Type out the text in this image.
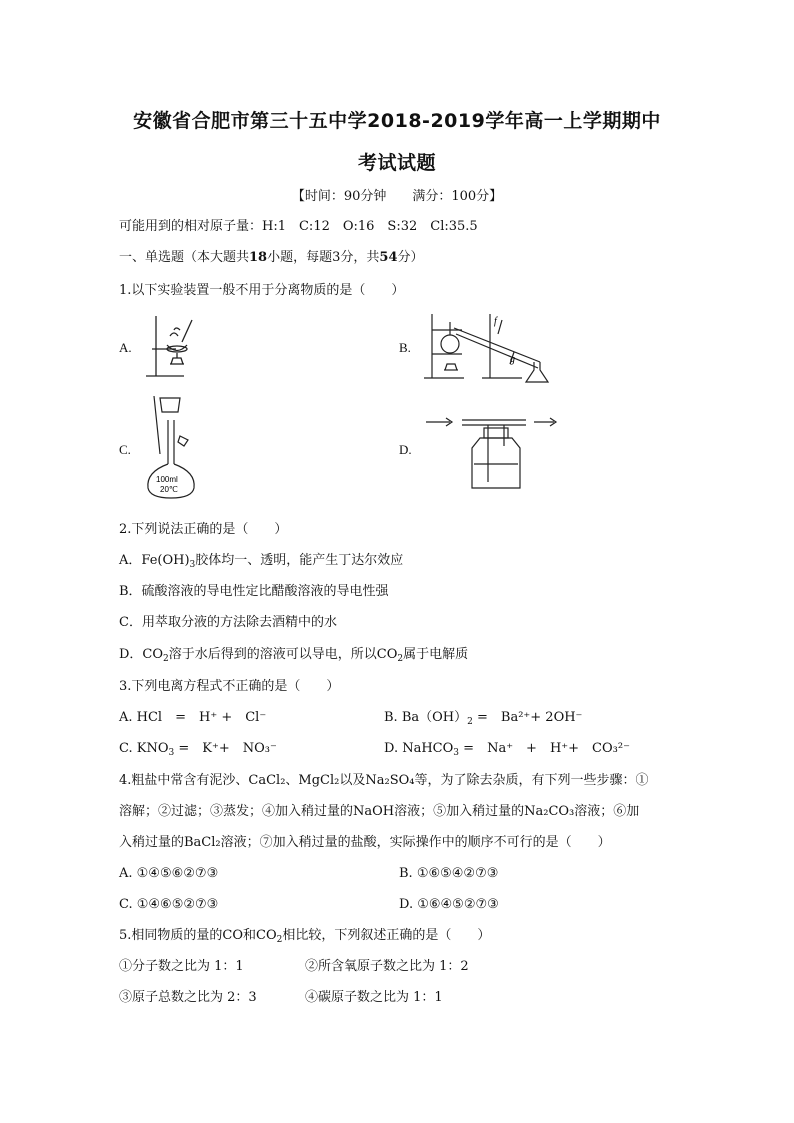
安徽省合肥市第三十五中学2018-2019学年高一上学期期中
考试试题
【时间：90分钟　　满分：100分】
可能用到的相对原子量：H:1　C:12　O:16　S:32　Cl:35.5
一、单选题（本大题共18小题，每题3分，共54分）
1.以下实验装置一般不用于分离物质的是（　　）
A.	B.
f
g
C.
100ml
20℃
D.
2.下列说法正确的是（　　）
A．$Fe(OH)_3$胶体均一、透明，能产生丁达尔效应
B．硫酸溶液的导电性定比醋酸溶液的导电性强
C．用萃取分液的方法除去酒精中的水
D．$CO_2$溶于水后得到的溶液可以导电，所以$CO_2$属于电解质
3.下列电离方程式不正确的是（　　）
A. HCl　=　H⁺ +　Cl⁻	B. $Ba(OH)_2$ =　Ba²⁺+ 2OH⁻
C. $KNO_3$ =　K⁺+　NO₃⁻	D. NaHCO$_3$ =　Na⁺　+　H⁺+　CO₃²⁻
4.粗盐中常含有泥沙、CaCl₂、MgCl₂以及Na₂SO₄等，为了除去杂质，有下列一些步骤：①
溶解；②过滤；③蒸发；④加入稍过量的NaOH溶液；⑤加入稍过量的Na₂CO₃溶液；⑥加
入稍过量的BaCl₂溶液；⑦加入稍过量的盐酸，实际操作中的顺序不可行的是（　　）
A. ①④⑤⑥②⑦③	B. ①⑥⑤④②⑦③
C. ①④⑥⑤②⑦③	D. ①⑥④⑤②⑦③
5.相同物质的量的CO和$CO_2$相比较，下列叙述正确的是（　　）
①分子数之比为 1：1	②所含氧原子数之比为 1：2
③原子总数之比为 2：3	④碳原子数之比为 1：1
